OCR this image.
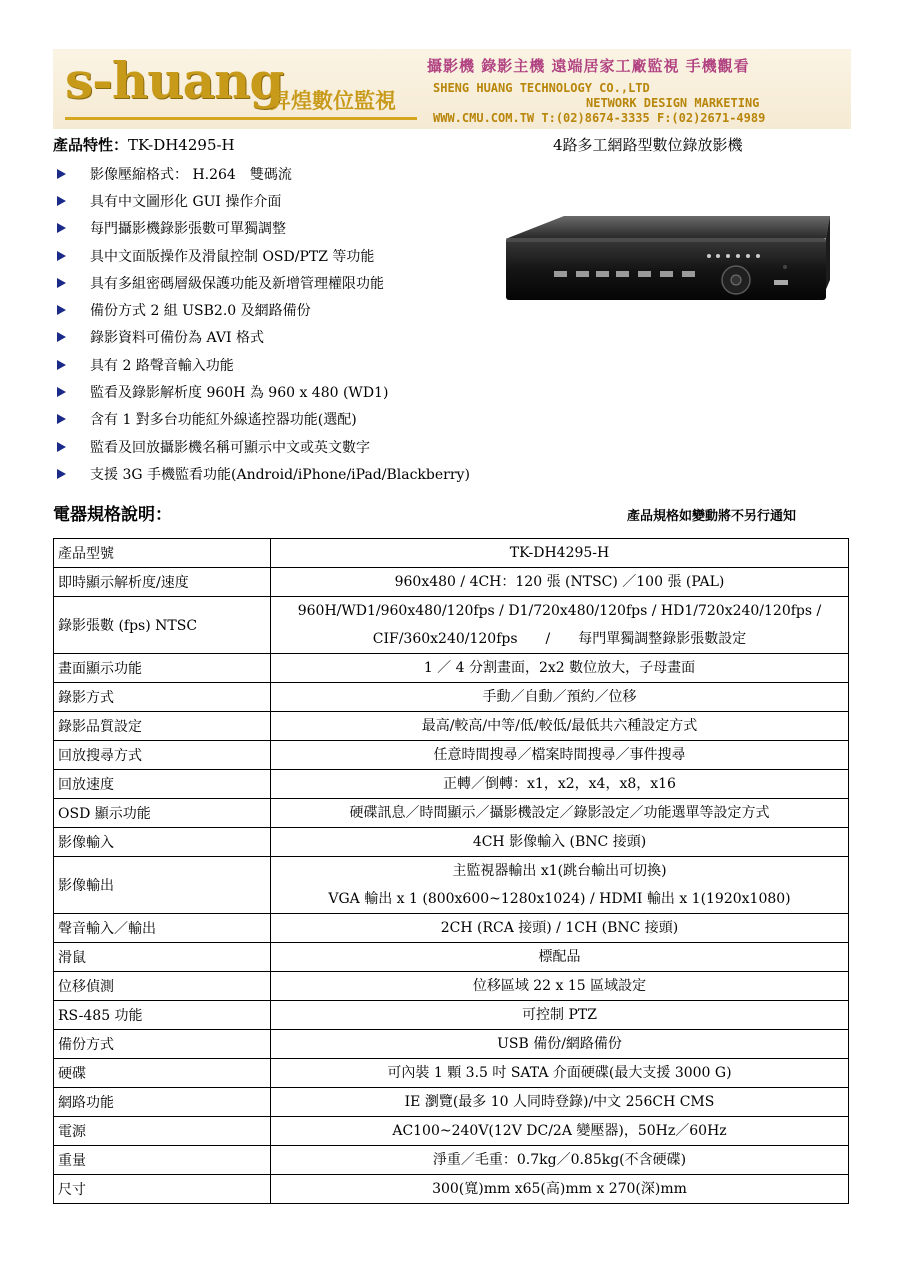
s-huang
昇煌數位監視
攝影機 錄影主機 遠端居家工廠監視 手機觀看
SHENG HUANG TECHNOLOGY CO.,LTD
NETWORK DESIGN MARKETING
WWW.CMU.COM.TW T:(02)8674-3335 F:(02)2671-4989
產品特性：TK-DH4295-H	4路多工網路型數位錄放影機
影像壓縮格式： H.264　雙碼流
具有中文圖形化 GUI 操作介面
每門攝影機錄影張數可單獨調整
具中文面版操作及滑鼠控制 OSD/PTZ 等功能
具有多組密碼層級保護功能及新增管理權限功能
備份方式 2 組 USB2.0 及網路備份
錄影資料可備份為 AVI 格式
具有 2 路聲音輸入功能
監看及錄影解析度 960H 為 960 x 480 (WD1)
含有 1 對多台功能紅外線遙控器功能(選配)
監看及回放攝影機名稱可顯示中文或英文數字
支援 3G 手機監看功能(Android/iPhone/iPad/Blackberry)
電器規格說明：	產品規格如變動將不另行通知
產品型號	TK-DH4295-H

即時顯示解析度/速度	960x480 / 4CH：120 張 (NTSC) ／100 張 (PAL)

錄影張數 (fps) NTSC	960H/WD1/960x480/120fps / D1/720x480/120fps / HD1/720x240/120fps /
CIF/360x240/120fps　　/　　每門單獨調整錄影張數設定

畫面顯示功能	1 ／ 4 分割畫面，2x2 數位放大，子母畫面

錄影方式	手動／自動／預約／位移

錄影品質設定	最高/較高/中等/低/較低/最低共六種設定方式

回放搜尋方式	任意時間搜尋／檔案時間搜尋／事件搜尋

回放速度	正轉／倒轉：x1，x2，x4，x8，x16

OSD 顯示功能	硬碟訊息／時間顯示／攝影機設定／錄影設定／功能選單等設定方式

影像輸入	4CH 影像輸入 (BNC 接頭)

影像輸出	主監視器輸出 x1(跳台輸出可切換)
VGA 輸出 x 1 (800x600~1280x1024) / HDMI 輸出 x 1(1920x1080)

聲音輸入／輸出	2CH (RCA 接頭) / 1CH (BNC 接頭)

滑鼠	標配品

位移偵測	位移區域 22 x 15 區域設定

RS-485 功能	可控制 PTZ

備份方式	USB 備份/網路備份

硬碟	可內裝 1 顆 3.5 吋 SATA 介面硬碟(最大支援 3000 G)

網路功能	IE 瀏覽(最多 10 人同時登錄)/中文 256CH CMS

電源	AC100~240V(12V DC/2A 變壓器)，50Hz／60Hz

重量	淨重／毛重：0.7kg／0.85kg(不含硬碟)

尺寸	300(寬)mm x65(高)mm x 270(深)mm
